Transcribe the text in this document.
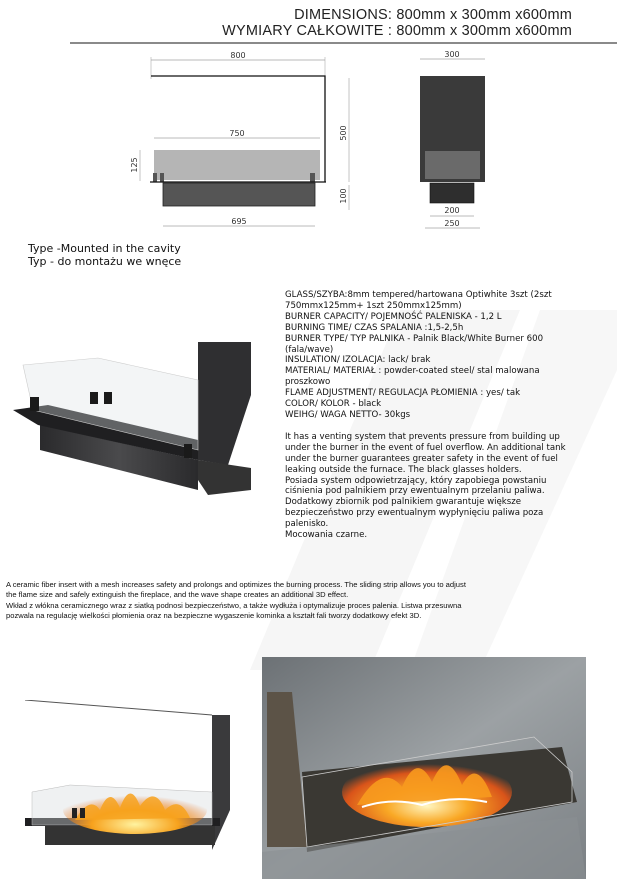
DIMENSIONS: 800mm x 300mm x600mm
WYMIARY CAŁKOWITE : 800mm x 300mm x600mm
800
500
750
125
100
695
300
200
250
Type -Mounted in the cavity
Typ - do montażu we wnęce
GLASS/SZYBA:8mm tempered/hartowana Optiwhite 3szt (2szt
750mmx125mm+ 1szt 250mmx125mm)
BURNER CAPACITY/ POJEMNOŚĆ PALENISKA - 1,2 L
BURNING TIME/ CZAS SPALANIA :1,5-2,5h
BURNER TYPE/ TYP PALNIKA - Palnik Black/White Burner 600
(fala/wave)
INSULATION/ IZOLACJA: lack/ brak
MATERIAL/ MATERIAŁ : powder-coated steel/ stal malowana
proszkowo
FLAME ADJUSTMENT/ REGULACJA PŁOMIENIA : yes/ tak
COLOR/ KOLOR - black
WEIHG/ WAGA NETTO- 30kgs
It has a venting system that prevents pressure from building up
under the burner in the event of fuel overflow. An additional tank
under the burner guarantees greater safety in the event of fuel
leaking outside the furnace. The black glasses holders.
Posiada system odpowietrzający, który zapobiega powstaniu
ciśnienia pod palnikiem przy ewentualnym przelaniu paliwa.
Dodatkowy zbiornik pod palnikiem gwarantuje większe
bezpieczeństwo przy ewentualnym wypłynięciu paliwa poza
palenisko.
Mocowania czarne.
A ceramic fiber insert with a mesh increases safety and prolongs and optimizes the burning process. The sliding strip allows you to adjust
the flame size and safely extinguish the fireplace, and the wave shape creates an additional 3D effect.
Wkład z włókna ceramicznego wraz z siatką podnosi bezpieczeństwo, a także wydłuża i optymalizuje proces palenia. Listwa przesuwna
pozwala na regulację wielkości płomienia oraz na bezpieczne wygaszenie kominka a kształt fali tworzy dodatkowy efekt 3D.
